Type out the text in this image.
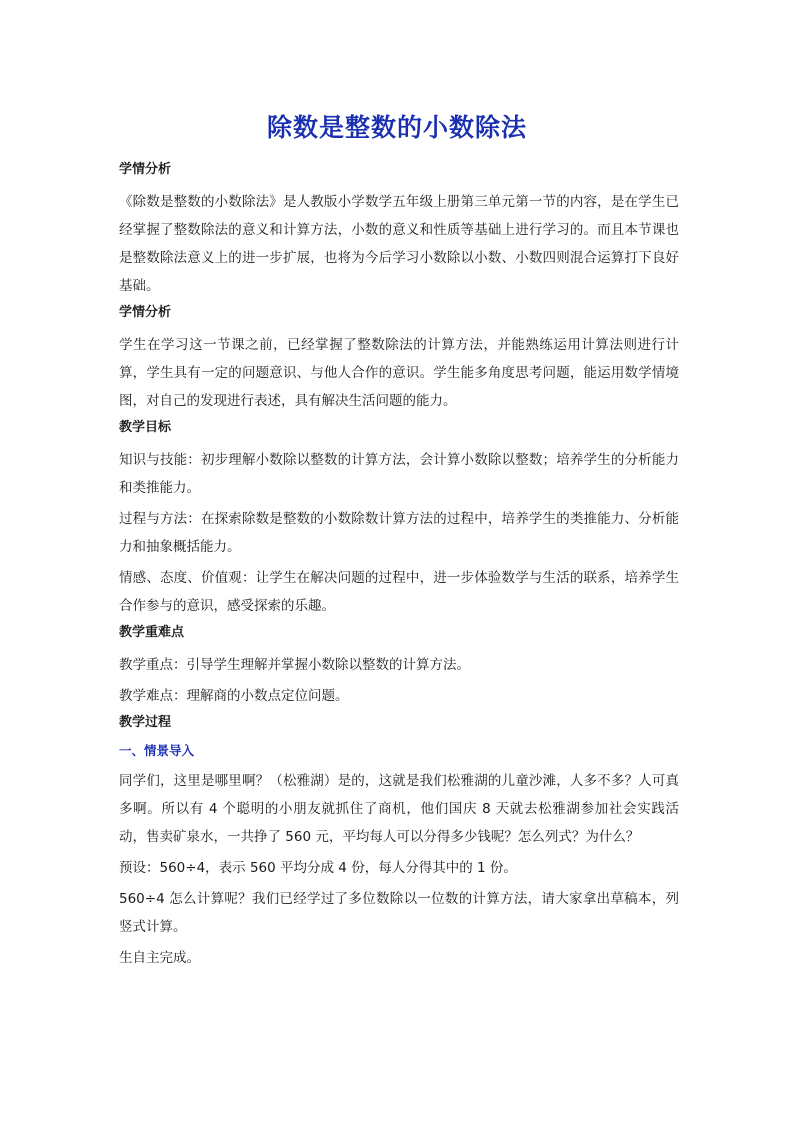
除数是整数的小数除法
学情分析

《除数是整数的小数除法》是人教版小学数学五年级上册第三单元第一节的内容，是在学生已经掌握了整数除法的意义和计算方法，小数的意义和性质等基础上进行学习的。而且本节课也是整数除法意义上的进一步扩展，也将为今后学习小数除以小数、小数四则混合运算打下良好基础。

学情分析

学生在学习这一节课之前，已经掌握了整数除法的计算方法，并能熟练运用计算法则进行计算，学生具有一定的问题意识、与他人合作的意识。学生能多角度思考问题，能运用数学情境图，对自己的发现进行表述，具有解决生活问题的能力。

教学目标

知识与技能：初步理解小数除以整数的计算方法，会计算小数除以整数；培养学生的分析能力和类推能力。

过程与方法：在探索除数是整数的小数除数计算方法的过程中，培养学生的类推能力、分析能力和抽象概括能力。

情感、态度、价值观：让学生在解决问题的过程中，进一步体验数学与生活的联系，培养学生合作参与的意识，感受探索的乐趣。

教学重难点

教学重点：引导学生理解并掌握小数除以整数的计算方法。

教学难点：理解商的小数点定位问题。

教学过程
一、情景导入

同学们，这里是哪里啊？（松雅湖）是的，这就是我们松雅湖的儿童沙滩，人多不多？人可真多啊。所以有 4 个聪明的小朋友就抓住了商机，他们国庆 8 天就去松雅湖参加社会实践活动，售卖矿泉水，一共挣了 560 元，平均每人可以分得多少钱呢？怎么列式？为什么？

预设：560÷4，表示 560 平均分成 4 份，每人分得其中的 1 份。

560÷4 怎么计算呢？我们已经学过了多位数除以一位数的计算方法，请大家拿出草稿本，列竖式计算。

生自主完成。
